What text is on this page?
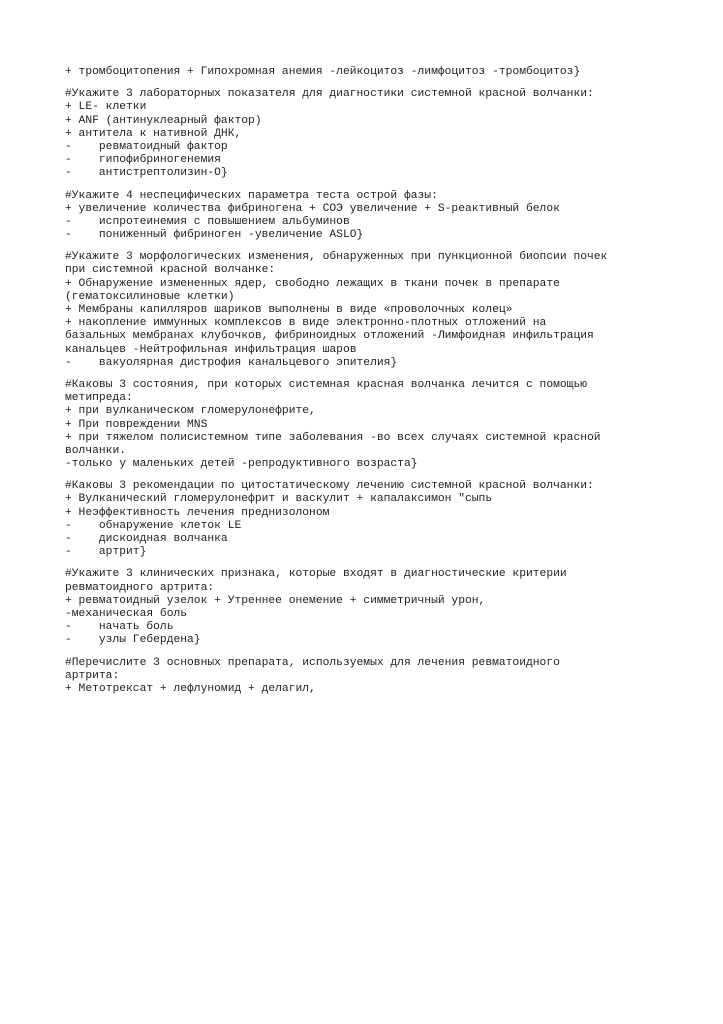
+ тромбоцитопения + Гипохромная анемия -лейкоцитоз -лимфоцитоз -тромбоцитоз}
#Укажите 3 лабораторных показателя для диагностики системной красной волчанки:
+ LE- клетки
+ ANF (антинуклеарный фактор)
+ антитела к нативной ДНК,
-    ревматоидный фактор
-    гипофибриногенемия
-    антистрептолизин-О}
#Укажите 4 неспецифических параметра теста острой фазы:
+ увеличение количества фибриногена + СОЭ увеличение + S-реактивный белок
-    испротеинемия с повышением альбуминов
-    пониженный фибриноген -увеличение ASLO}
#Укажите 3 морфологических изменения, обнаруженных при пункционной биопсии почек
при системной красной волчанке:
+ Обнаружение измененных ядер, свободно лежащих в ткани почек в препарате
(гематоксилиновые клетки)
+ Мембраны капилляров шариков выполнены в виде «проволочных колец»
+ накопление иммунных комплексов в виде электронно-плотных отложений на
базальных мембранах клубочков, фибриноидных отложений -Лимфоидная инфильтрация
канальцев -Нейтрофильная инфильтрация шаров
-    вакуолярная дистрофия канальцевого эпителия}
#Каковы 3 состояния, при которых системная красная волчанка лечится с помощью
метипреда:
+ при вулканическом гломерулонефрите,
+ При повреждении MNS
+ при тяжелом полисистемном типе заболевания -во всех случаях системной красной
волчанки.
-только у маленьких детей -репродуктивного возраста}
#Каковы 3 рекомендации по цитостатическому лечению системной красной волчанки:
+ Вулканический гломерулонефрит и васкулит + капалаксимон "сыпь
+ Неэффективность лечения преднизолоном
-    обнаружение клеток LE
-    дискоидная волчанка
-    артрит}
#Укажите 3 клинических признака, которые входят в диагностические критерии
ревматоидного артрита:
+ ревматоидный узелок + Утреннее онемение + симметричный урон,
-механическая боль
-    начать боль
-    узлы Гебердена}
#Перечислите 3 основных препарата, используемых для лечения ревматоидного
артрита:
+ Метотрексат + лефлуномид + делагил,
